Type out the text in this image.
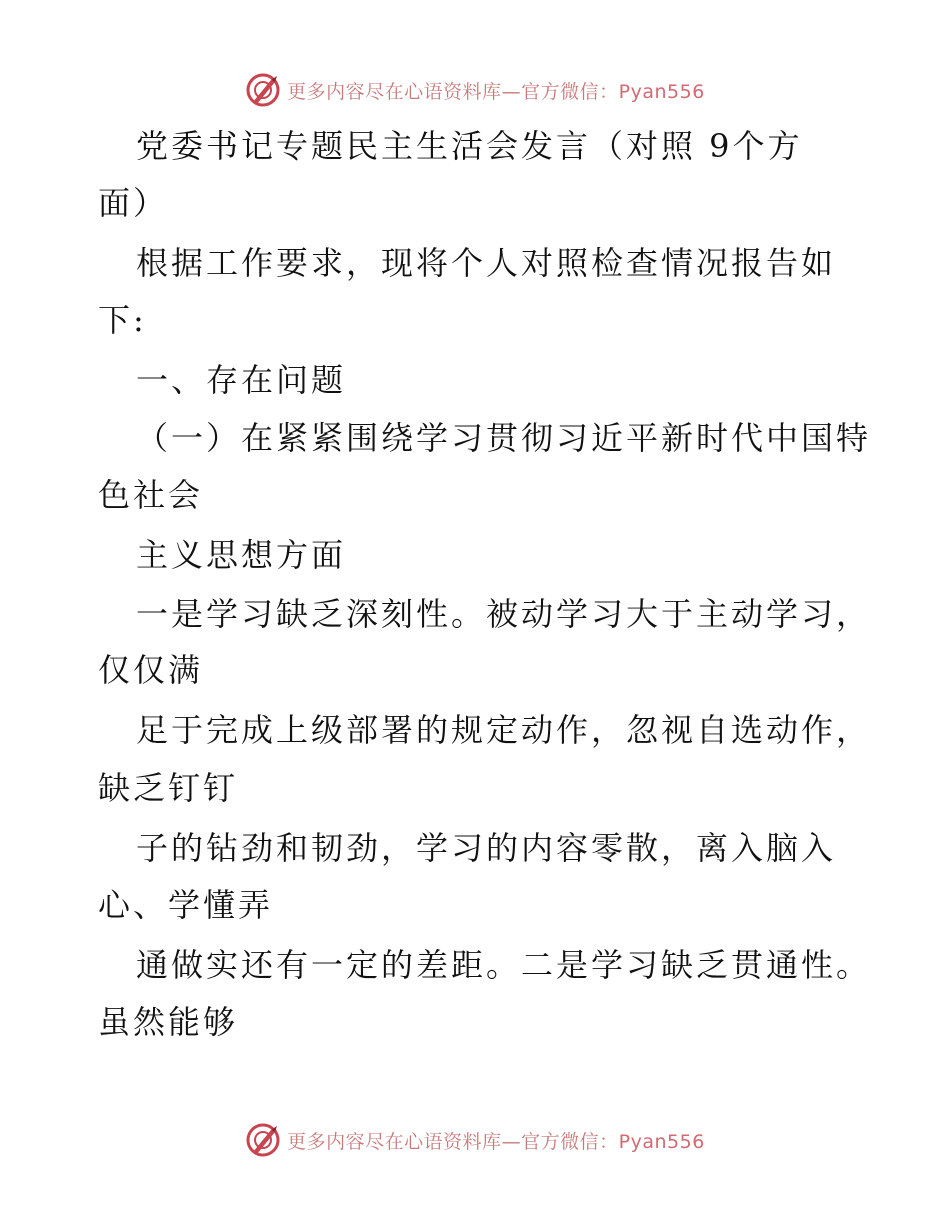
更多内容尽在心语资料库—官方微信：Pyan556
党委书记专题民主生活会发言（对照 9个方
面）
根据工作要求，现将个人对照检查情况报告如
下:
一、存在问题
（一）在紧紧围绕学习贯彻习近平新时代中国特
色社会
主义思想方面
一是学习缺乏深刻性。被动学习大于主动学习，
仅仅满
足于完成上级部署的规定动作，忽视自选动作，
缺乏钉钉
子的钻劲和韧劲，学习的内容零散，离入脑入
心、学懂弄
通做实还有一定的差距。二是学习缺乏贯通性。
虽然能够
更多内容尽在心语资料库—官方微信：Pyan556
